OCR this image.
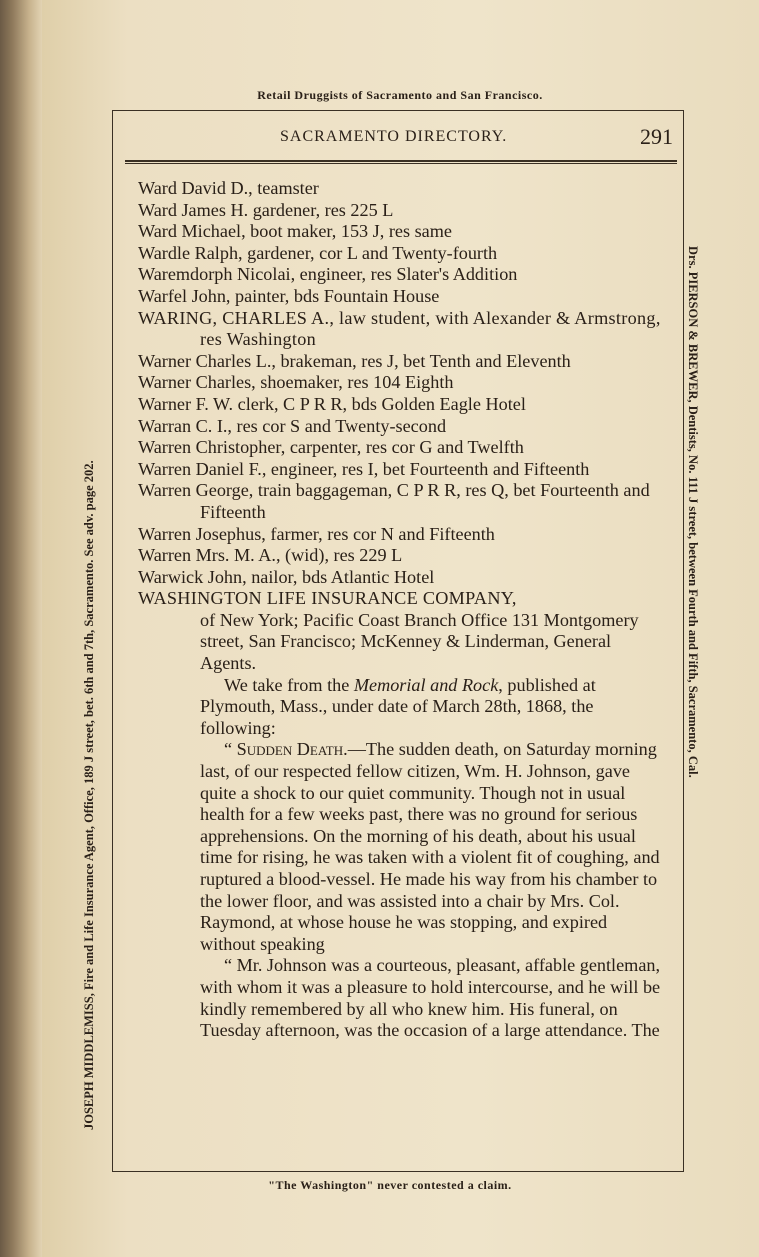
Retail Druggists of Sacramento and San Francisco.
SACRAMENTO DIRECTORY.	291
JOSEPH MIDDLEMISS, Fire and Life Insurance Agent, Office, 189 J street, bet. 6th and 7th, Sacramento. See adv. page 202.	Drs. PIERSON & BREWER, Dentists, No. 111 J street, between Fourth and Fifth, Sacramento, Cal.

Ward David D., teamster

Ward James H. gardener, res 225 L

Ward Michael, boot maker, 153 J, res same

Wardle Ralph, gardener, cor L and Twenty-fourth

Waremdorph Nicolai, engineer, res Slater's Addition

Warfel John, painter, bds Fountain House

WARING, CHARLES A., law student, with Alexander & Armstrong, res Washington

Warner Charles L., brakeman, res J, bet Tenth and Eleventh

Warner Charles, shoemaker, res 104 Eighth

Warner F. W. clerk, C P R R, bds Golden Eagle Hotel

Warran C. I., res cor S and Twenty-second

Warren Christopher, carpenter, res cor G and Twelfth

Warren Daniel F., engineer, res I, bet Fourteenth and Fifteenth

Warren George, train baggageman, C P R R, res Q, bet Fourteenth and Fifteenth

Warren Josephus, farmer, res cor N and Fifteenth

Warren Mrs. M. A., (wid), res 229 L

Warwick John, nailor, bds Atlantic Hotel

WASHINGTON LIFE INSURANCE COMPANY,

of New York; Pacific Coast Branch Office 131 Montgomery street, San Francisco; McKenney & Linderman, General Agents.

We take from the Memorial and Rock, published at Plymouth, Mass., under date of March 28th, 1868, the following:

“ Sudden Death.—The sudden death, on Saturday morning last, of our respected fellow citizen, Wm. H. Johnson, gave quite a shock to our quiet community. Though not in usual health for a few weeks past, there was no ground for serious apprehensions. On the morning of his death, about his usual time for rising, he was taken with a violent fit of coughing, and ruptured a blood-vessel. He made his way from his chamber to the lower floor, and was assisted into a chair by Mrs. Col. Raymond, at whose house he was stopping, and expired without speaking

“ Mr. Johnson was a courteous, pleasant, affable gentleman, with whom it was a pleasure to hold intercourse, and he will be kindly remembered by all who knew him. His funeral, on Tuesday afternoon, was the occasion of a large attendance. The

"The Washington" never contested a claim.
